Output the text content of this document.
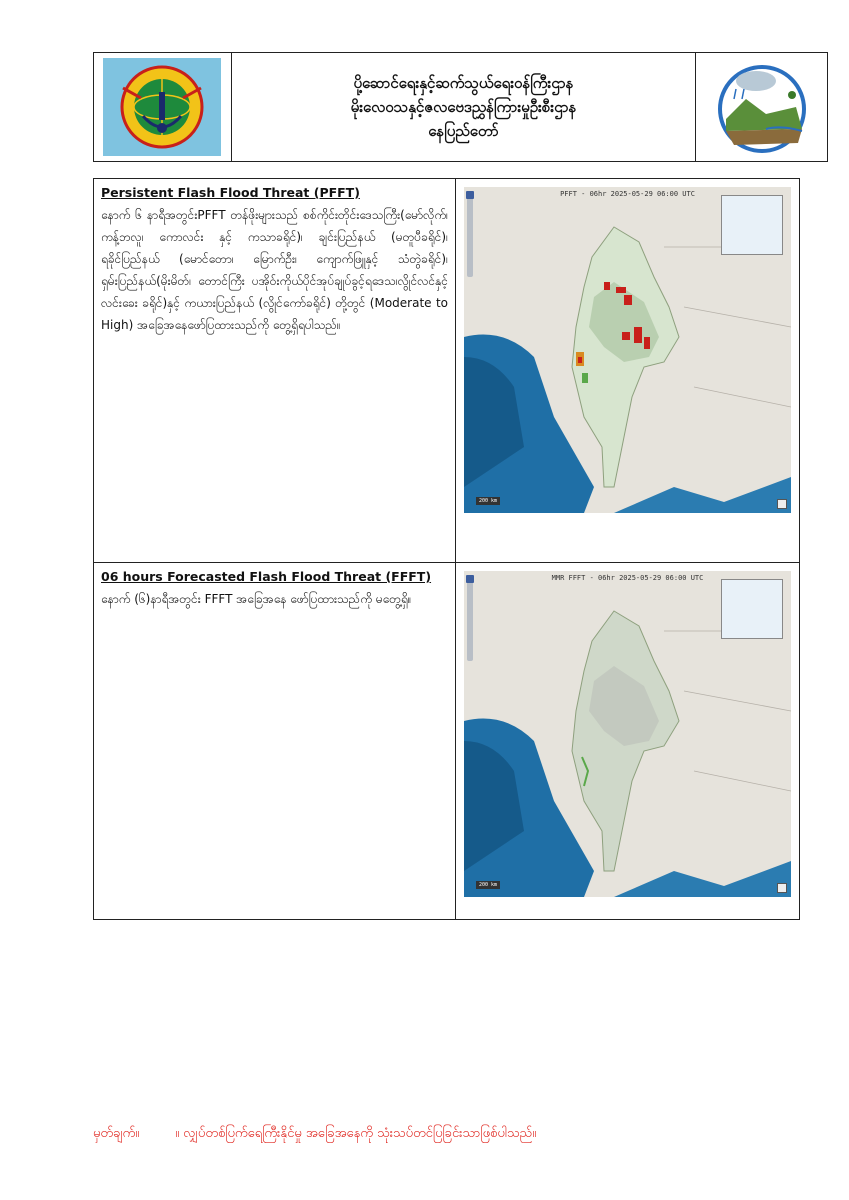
ပို့ဆောင်ရေးနှင့်ဆက်သွယ်ရေးဝန်ကြီးဌာန
မိုးလေဝသနှင့်ဇလဗေဒညွှန်ကြားမှုဦးစီးဌာန
နေပြည်တော်
Persistent Flash Flood Threat (PFFT)
နောက် ၆ နာရီအတွင်းPFFT တန်ဖိုးများသည် စစ်ကိုင်းတိုင်းဒေသကြီး(မော်လိုက်၊ ကန့်ဘလူ၊ ကောလင်း နှင့် ကသာခရိုင်)၊ ချင်းပြည်နယ် (မတူပီခရိုင်)၊ ရခိုင်ပြည်နယ် (မောင်တော၊ မြောက်ဦး၊ ကျောက်ဖြူနှင့် သံတွဲခရိုင်)၊ ရှမ်းပြည်နယ်(မိုးမိတ်၊ တောင်ကြီး ပအိုဝ်းကိုယ်ပိုင်အုပ်ချုပ်ခွင့်ရဒေသ၊လွိုင်လင်နှင့်လင်းခေး ခရိုင်)နှင့် ကယားပြည်နယ် (လွိုင်ကော်ခရိုင်) တို့တွင် (Moderate to High) အခြေအနေဖော်ပြထားသည်ကို တွေ့ရှိရပါသည်။
PFFT - 06hr 2025-05-29 06:00 UTC
200 km
06 hours Forecasted Flash Flood Threat (FFFT)
နောက် (၆)နာရီအတွင်း FFFT အခြေအနေ ဖော်ပြထားသည်ကို မတွေ့ရှိ။
MMR FFFT - 06hr 2025-05-29 06:00 UTC
200 km
မှတ်ချက်။	။ လျှပ်တစ်ပြက်ရေကြီးနိုင်မှု အခြေအနေကို သုံးသပ်တင်ပြခြင်းသာဖြစ်ပါသည်။
